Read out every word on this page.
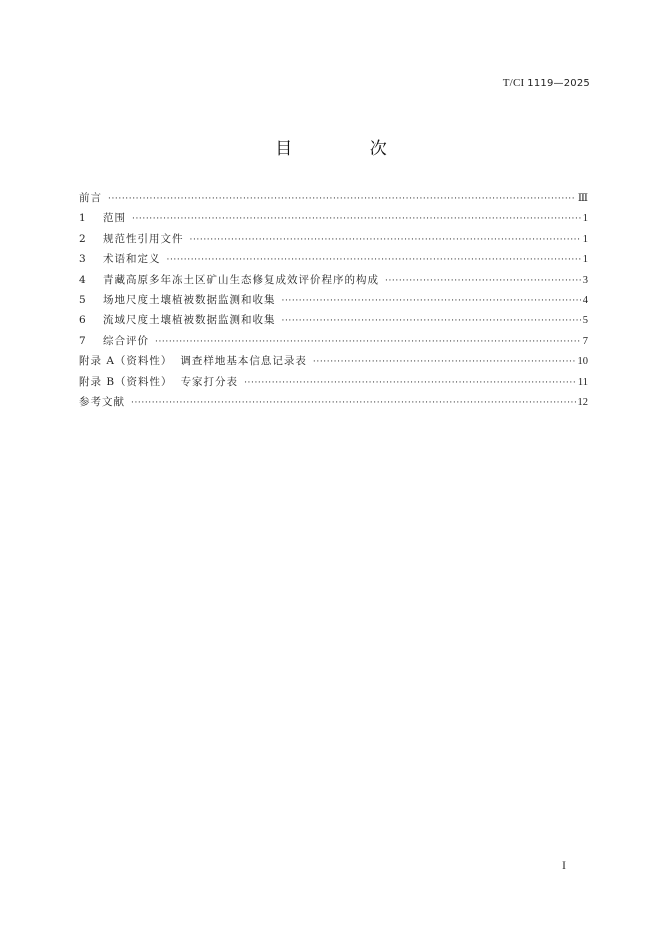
T/CI 1119—2025
目 次
前言 ·····	Ⅲ
1 范围 ·····	1
2 规范性引用文件 ·····	1
3 术语和定义 ·····	1
4 青藏高原多年冻土区矿山生态修复成效评价程序的构成 ·····	3
5 场地尺度土壤植被数据监测和收集 ·····	4
6 流域尺度土壤植被数据监测和收集 ·····	5
7 综合评价 ·····	7
附录 A（资料性） 调查样地基本信息记录表 ·····	10
附录 B（资料性） 专家打分表 ·····	11
参考文献 ·····	12
I
